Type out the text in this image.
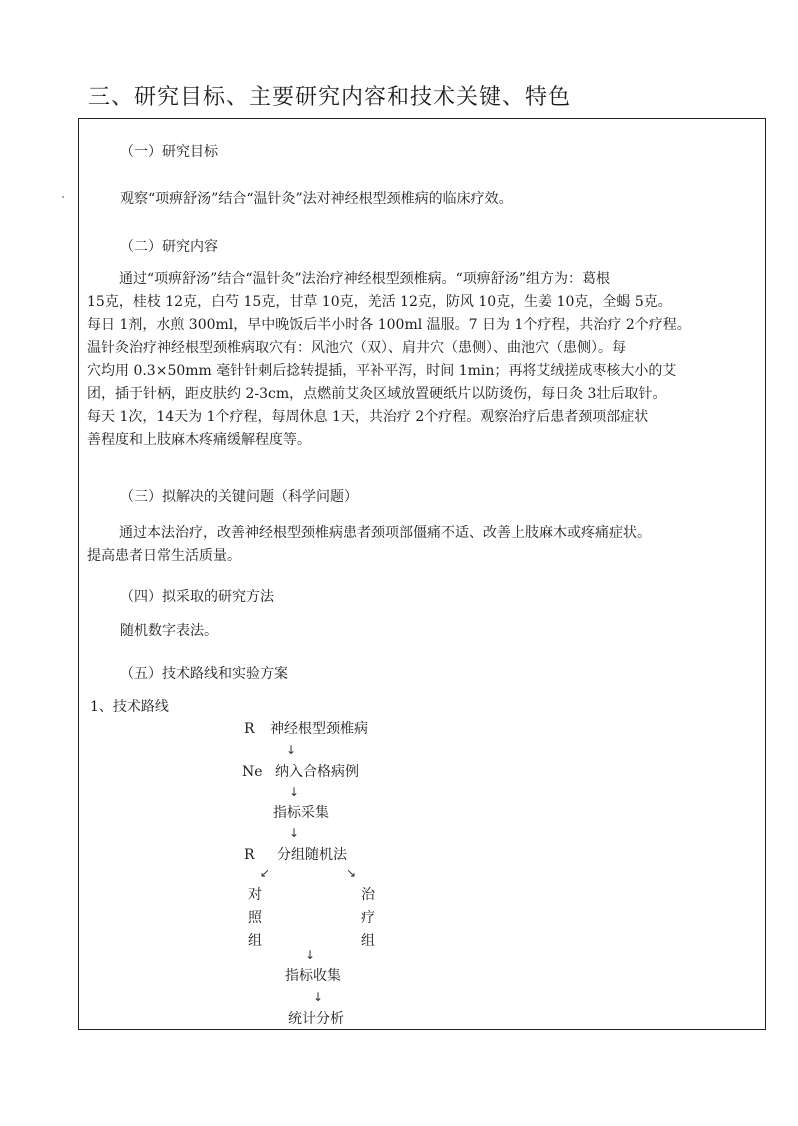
三、研究目标、主要研究内容和技术关键、特色
（一）研究目标
观察“项痹舒汤”结合“温针灸”法对神经根型颈椎病的临床疗效。
（二）研究内容

通过“项痹舒汤”结合“温针灸”法治疗神经根型颈椎病。“项痹舒汤”组方为：葛根

15克，桂枝 12克，白芍 15克，甘草 10克，羌活 12克，防风 10克，生姜 10克，全蝎 5克。

每日 1剂，水煎 300ml，早中晚饭后半小时各 100ml 温服。7 日为 1个疗程，共治疗 2个疗程。

温针灸治疗神经根型颈椎病取穴有：风池穴（双）、肩井穴（患侧）、曲池穴（患侧）。每

穴均用 0.3×50mm 毫针针刺后捻转提插，平补平泻，时间 1min；再将艾绒搓成枣核大小的艾

团，插于针柄，距皮肤约 2-3cm，点燃前艾灸区域放置硬纸片以防烫伤，每日灸 3壮后取针。

每天 1次，14天为 1个疗程，每周休息 1天，共治疗 2个疗程。观察治疗后患者颈项部症状

善程度和上肢麻木疼痛缓解程度等。

（三）拟解决的关键问题（科学问题）

通过本法治疗，改善神经根型颈椎病患者颈项部僵痛不适、改善上肢麻木或疼痛症状。

提高患者日常生活质量。

（四）拟采取的研究方法
随机数字表法。
（五）技术路线和实验方案
1、技术路线
R 神经根型颈椎病
↓
Ne 纳入合格病例
↓
指标采集
↓
R 分组随机法
↙	↘
对
照
组
治
疗
组
↓
指标收集
↓
统计分析
